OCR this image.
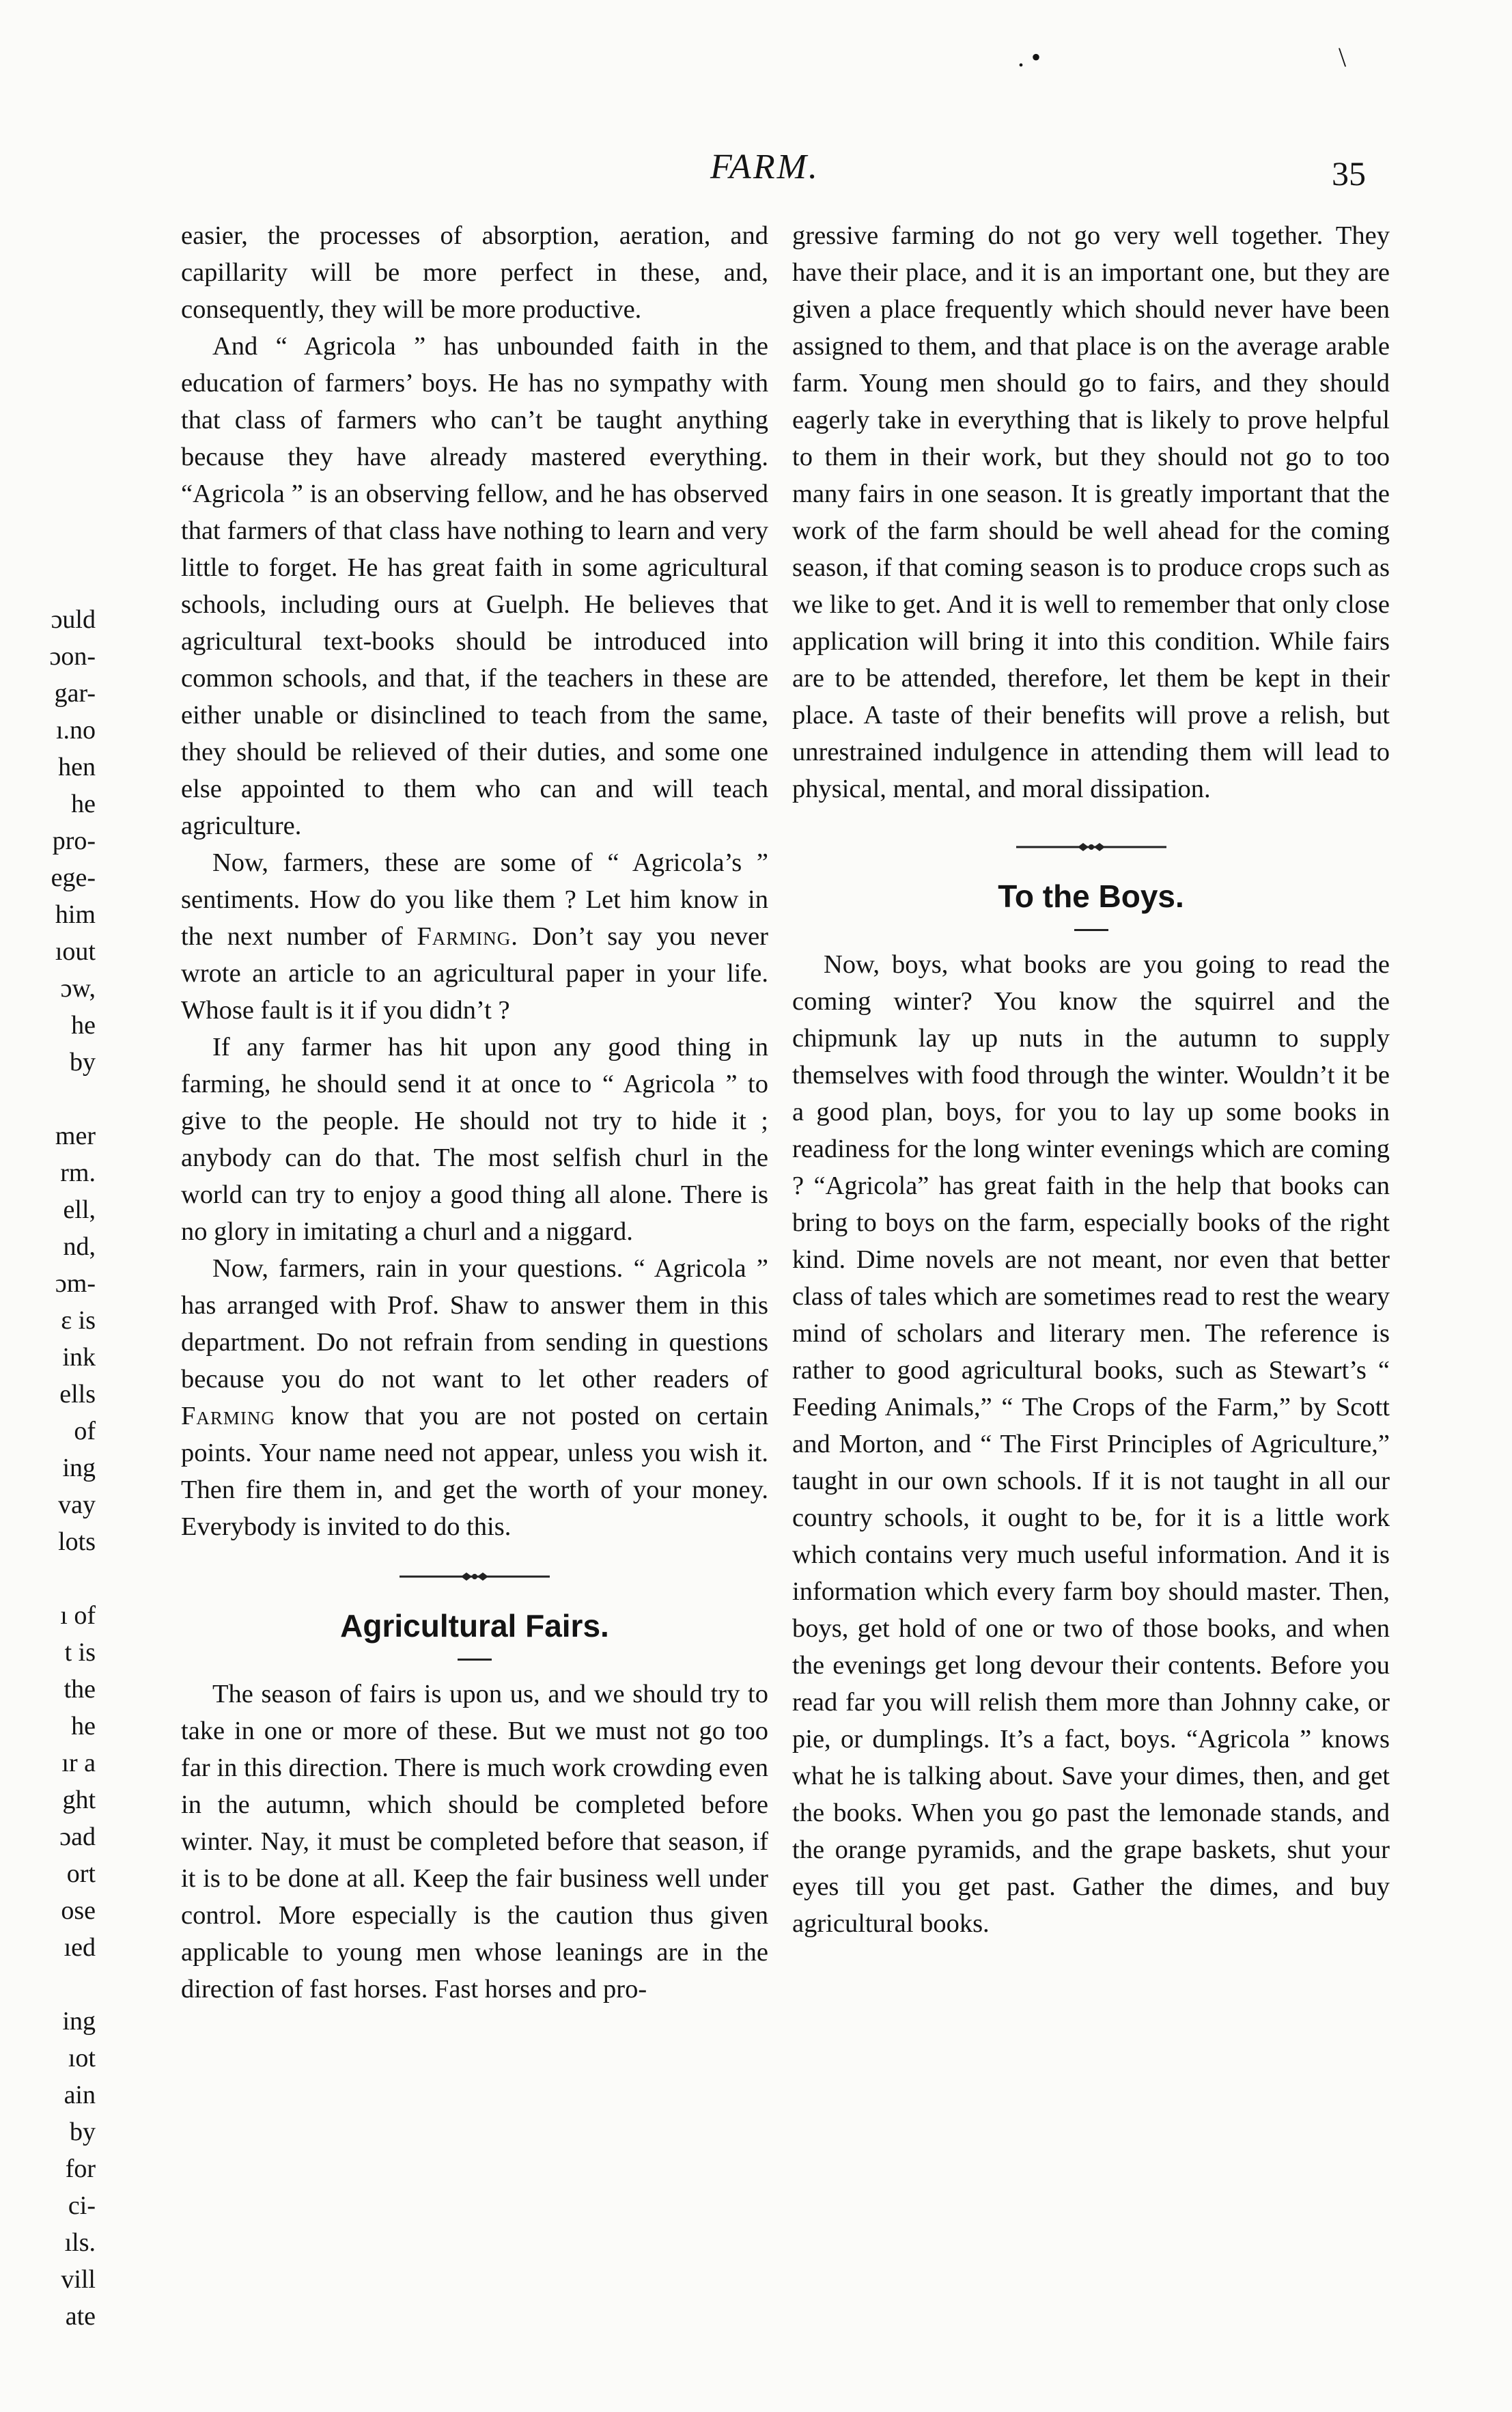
. •	\
FARM.	35
ɔuld
ɔon-
gar-
ı.no
hen
he
pro-
ege-
him
ıout
ɔw,
he
by
mer
rm.
ell,
nd,
ɔm-
ɛ is
ink
ells
of
ing
vay
lots
ı of
t is
the
he
ır a
ght
ɔad
ort
ose
ıed
ing
ıot
ain
by
for
ci-
ıls.
vill
ate

easier, the processes of absorption, aeration, and capillarity will be more perfect in these, and, consequently, they will be more productive.

And “ Agricola ” has unbounded faith in the education of farmers’ boys. He has no sympathy with that class of farmers who can’t be taught anything because they have already mastered everything. “Agricola ” is an observing fellow, and he has observed that farmers of that class have nothing to learn and very little to forget. He has great faith in some agricultural schools, including ours at Guelph. He believes that agricultural text-books should be introduced into common schools, and that, if the teachers in these are either unable or disinclined to teach from the same, they should be relieved of their duties, and some one else appointed to them who can and will teach agriculture.

Now, farmers, these are some of “ Agricola’s ” sentiments. How do you like them ? Let him know in the next number of Farming. Don’t say you never wrote an article to an agricultural paper in your life. Whose fault is it if you didn’t ?

If any farmer has hit upon any good thing in farming, he should send it at once to “ Agricola ” to give to the people. He should not try to hide it ; anybody can do that. The most selfish churl in the world can try to enjoy a good thing all alone. There is no glory in imitating a churl and a niggard.

Now, farmers, rain in your questions. “ Agricola ” has arranged with Prof. Shaw to answer them in this department. Do not refrain from sending in questions because you do not want to let other readers of Farming know that you are not posted on certain points. Your name need not appear, unless you wish it. Then fire them in, and get the worth of your money. Everybody is invited to do this.

Agricultural Fairs.

The season of fairs is upon us, and we should try to take in one or more of these. But we must not go too far in this direction. There is much work crowding even in the autumn, which should be completed before winter. Nay, it must be completed before that season, if it is to be done at all. Keep the fair business well under control. More especially is the caution thus given applicable to young men whose leanings are in the direction of fast horses. Fast horses and pro-

gressive farming do not go very well together. They have their place, and it is an important one, but they are given a place frequently which should never have been assigned to them, and that place is on the average arable farm. Young men should go to fairs, and they should eagerly take in everything that is likely to prove helpful to them in their work, but they should not go to too many fairs in one season. It is greatly important that the work of the farm should be well ahead for the coming season, if that coming season is to produce crops such as we like to get. And it is well to remember that only close application will bring it into this condition. While fairs are to be attended, therefore, let them be kept in their place. A taste of their benefits will prove a relish, but unrestrained indulgence in attending them will lead to physical, mental, and moral dissipation.

To the Boys.

Now, boys, what books are you going to read the coming winter? You know the squirrel and the chipmunk lay up nuts in the autumn to supply themselves with food through the winter. Wouldn’t it be a good plan, boys, for you to lay up some books in readiness for the long winter evenings which are coming ? “Agricola” has great faith in the help that books can bring to boys on the farm, especially books of the right kind. Dime novels are not meant, nor even that better class of tales which are sometimes read to rest the weary mind of scholars and literary men. The reference is rather to good agricultural books, such as Stewart’s “ Feeding Animals,” “ The Crops of the Farm,” by Scott and Morton, and “ The First Principles of Agriculture,” taught in our own schools. If it is not taught in all our country schools, it ought to be, for it is a little work which contains very much useful information. And it is information which every farm boy should master. Then, boys, get hold of one or two of those books, and when the evenings get long devour their contents. Before you read far you will relish them more than Johnny cake, or pie, or dumplings. It’s a fact, boys. “Agricola ” knows what he is talking about. Save your dimes, then, and get the books. When you go past the lemonade stands, and the orange pyramids, and the grape baskets, shut your eyes till you get past. Gather the dimes, and buy agricultural books.
